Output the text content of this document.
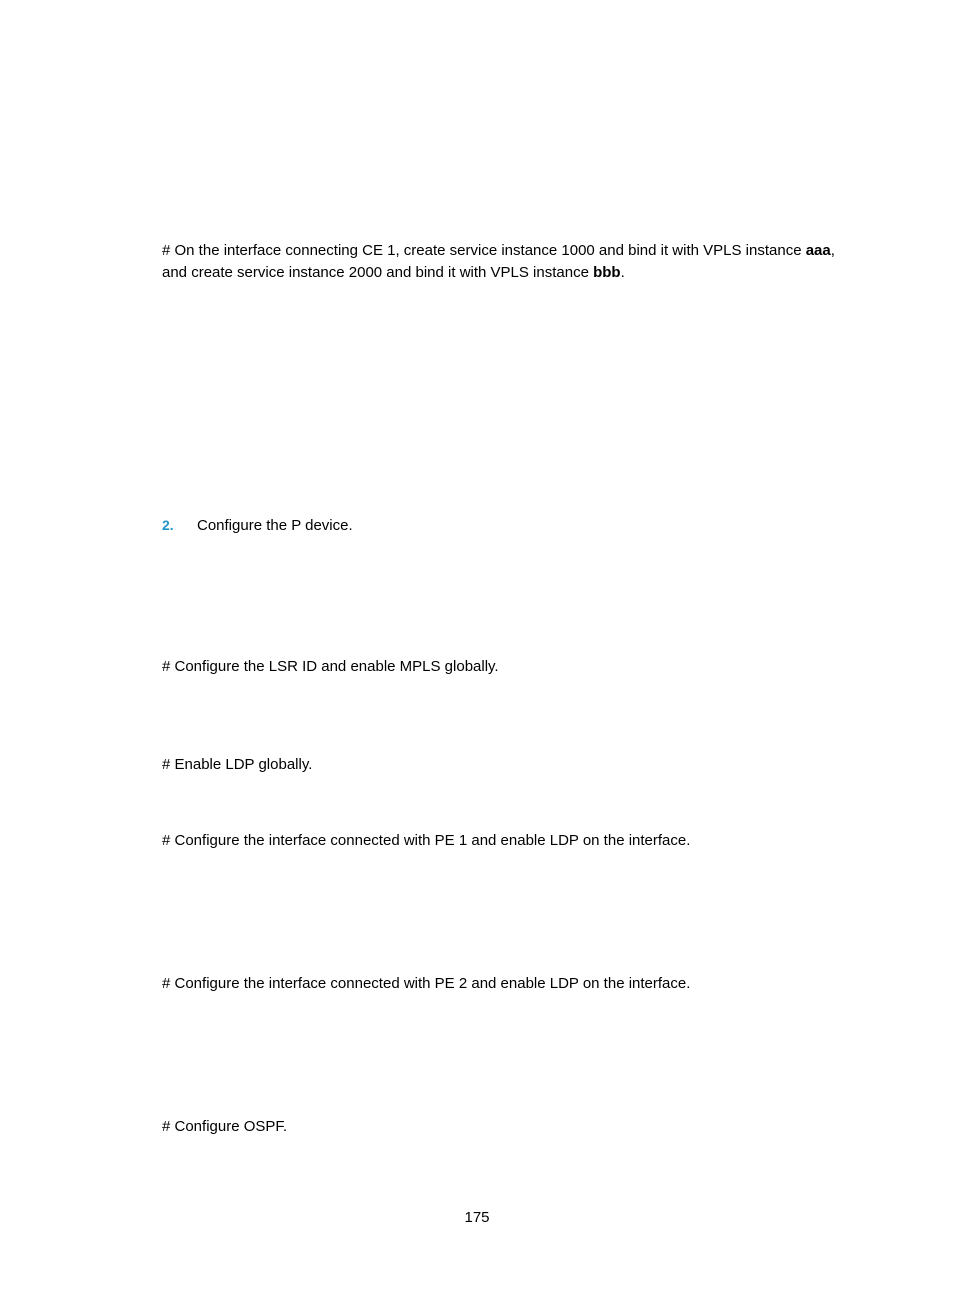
# On the interface connecting CE 1, create service instance 1000 and bind it with VPLS instance aaa,
and create service instance 2000 and bind it with VPLS instance bbb.
2. Configure the P device.
# Configure the LSR ID and enable MPLS globally.
# Enable LDP globally.
# Configure the interface connected with PE 1 and enable LDP on the interface.
# Configure the interface connected with PE 2 and enable LDP on the interface.
# Configure OSPF.
175
